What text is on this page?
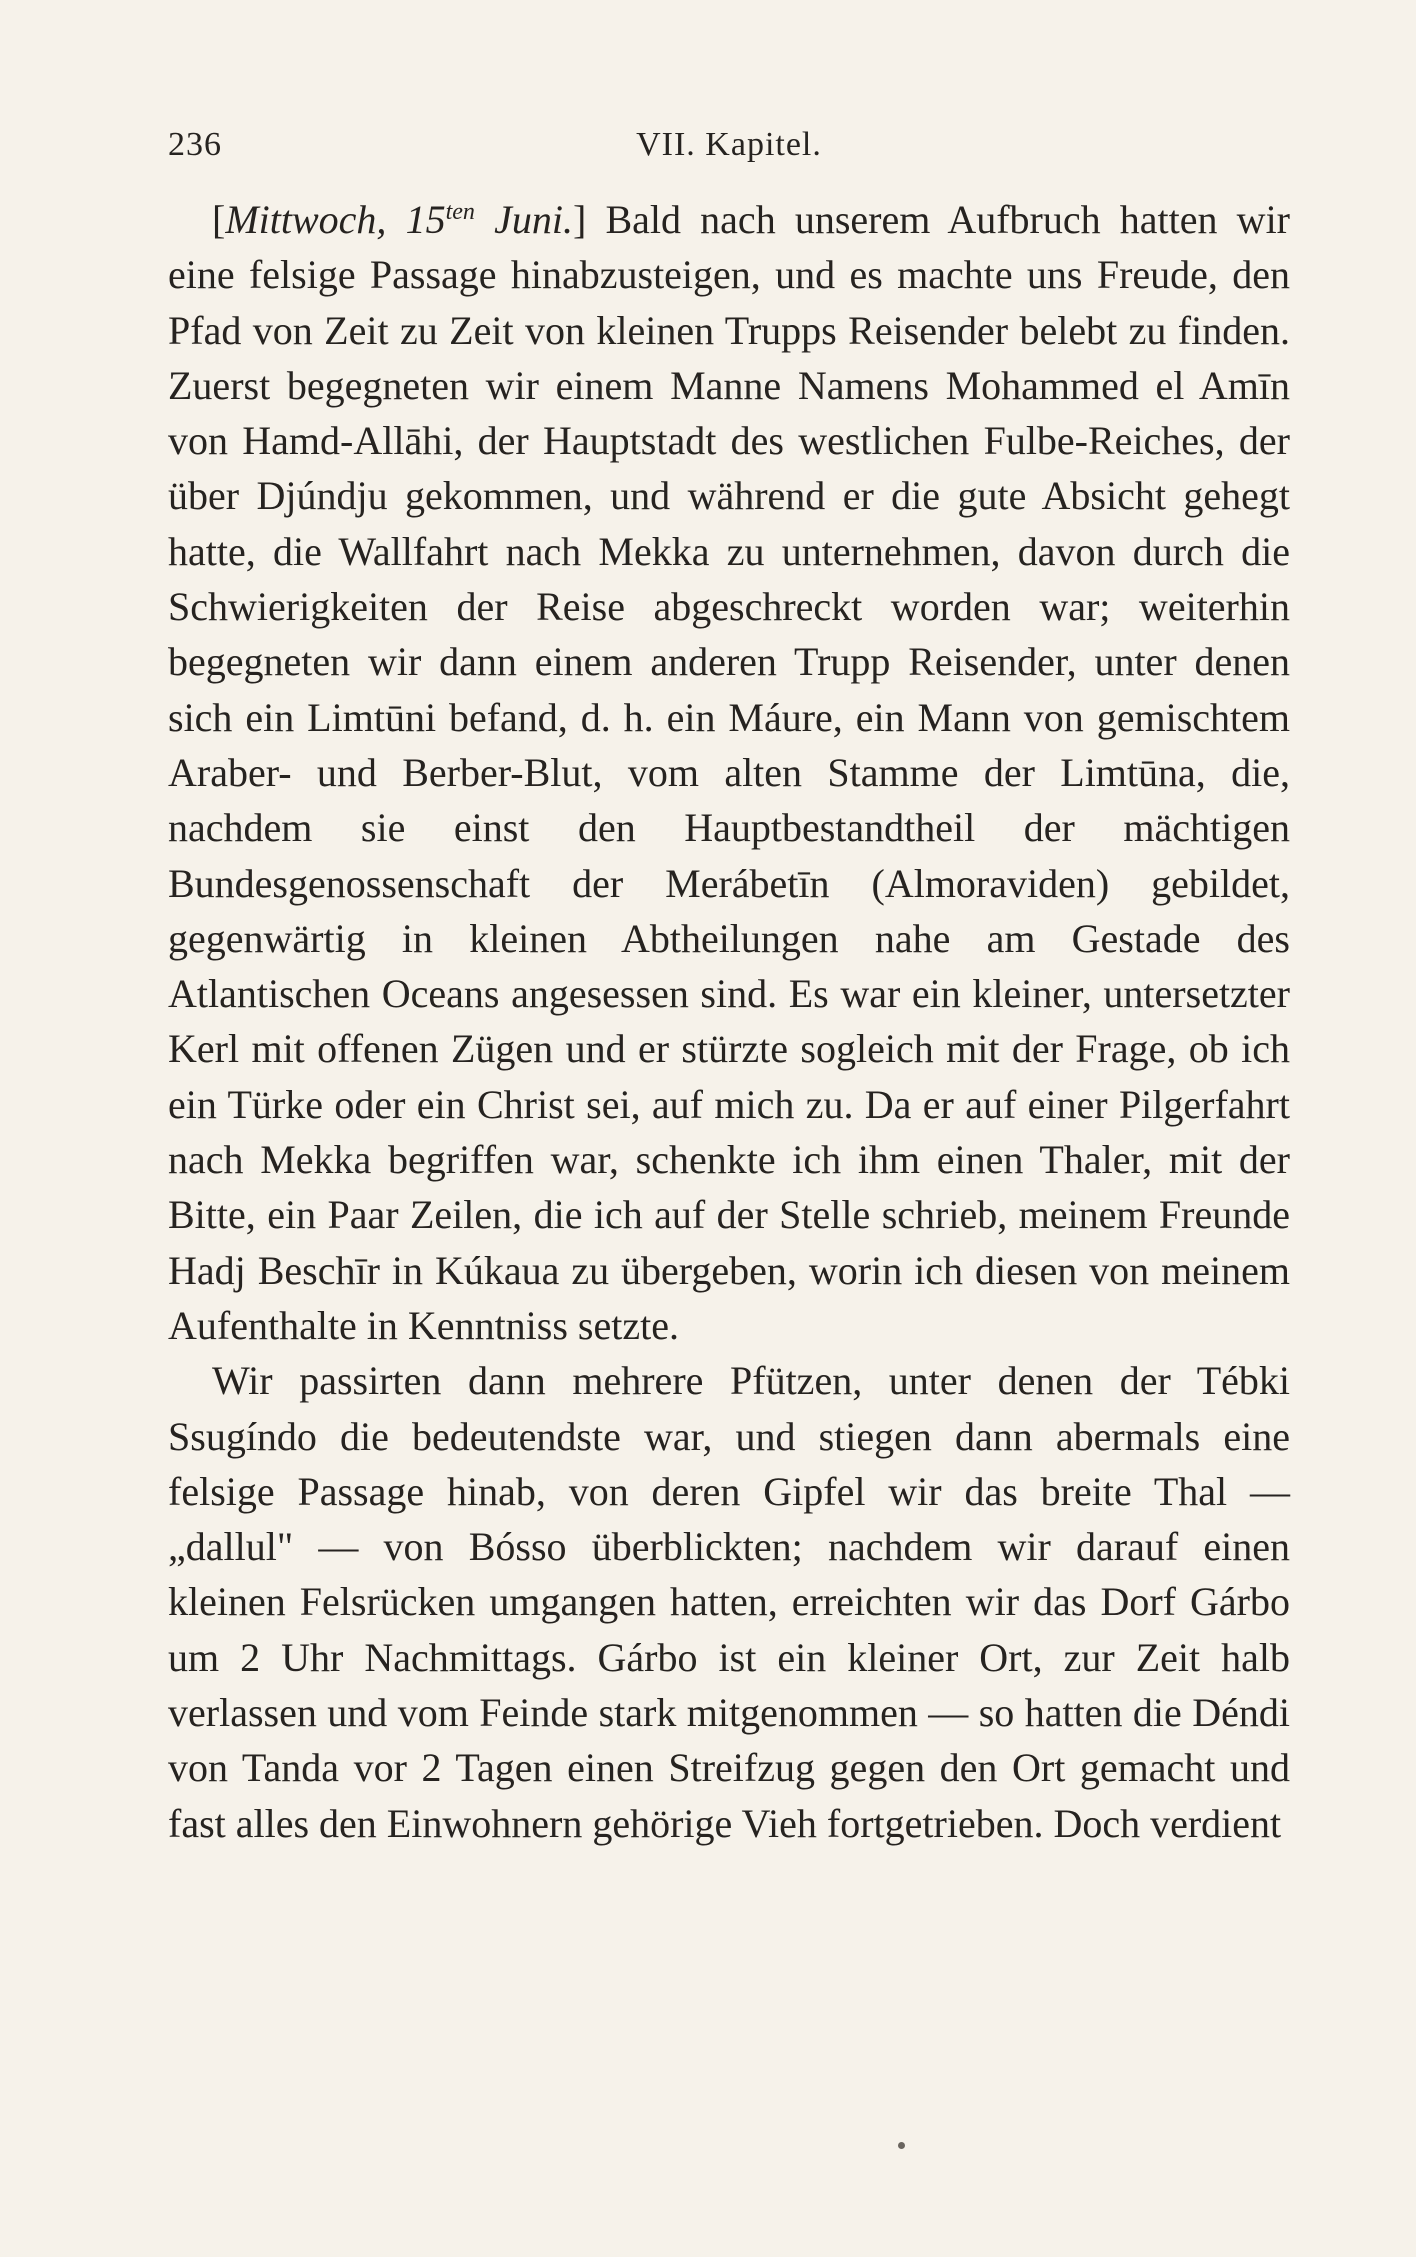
236	VII. Kapitel.

[Mittwoch, $15^{ten}$ Juni.] Bald nach unserem Aufbruch hatten wir eine felsige Passage hinabzusteigen, und es machte uns Freude, den Pfad von Zeit zu Zeit von kleinen Trupps Reisender belebt zu finden. Zuerst begegneten wir einem Manne Namens Mohammed el Amīn von Hamd-Allāhi, der Hauptstadt des westlichen Fulbe-Reiches, der über Djúndju gekommen, und während er die gute Absicht gehegt hatte, die Wallfahrt nach Mekka zu unternehmen, davon durch die Schwierigkeiten der Reise abgeschreckt worden war; weiterhin begegneten wir dann einem anderen Trupp Reisender, unter denen sich ein Limtūni befand, d. h. ein Máure, ein Mann von gemischtem Araber- und Berber-Blut, vom alten Stamme der Limtūna, die, nachdem sie einst den Hauptbestandtheil der mächtigen Bundesgenossenschaft der Merábetīn (Almoraviden) gebildet, gegenwärtig in kleinen Abtheilungen nahe am Gestade des Atlantischen Oceans angesessen sind. Es war ein kleiner, untersetzter Kerl mit offenen Zügen und er stürzte sogleich mit der Frage, ob ich ein Türke oder ein Christ sei, auf mich zu. Da er auf einer Pilgerfahrt nach Mekka begriffen war, schenkte ich ihm einen Thaler, mit der Bitte, ein Paar Zeilen, die ich auf der Stelle schrieb, meinem Freunde Hadj Beschīr in Kúkaua zu übergeben, worin ich diesen von meinem Aufenthalte in Kenntniss setzte.

Wir passirten dann mehrere Pfützen, unter denen der Tébki Ssugíndo die bedeutendste war, und stiegen dann abermals eine felsige Passage hinab, von deren Gipfel wir das breite Thal — „dallul" — von Bósso überblickten; nachdem wir darauf einen kleinen Felsrücken umgangen hatten, erreichten wir das Dorf Gárbo um 2 Uhr Nachmittags. Gárbo ist ein kleiner Ort, zur Zeit halb verlassen und vom Feinde stark mitgenommen — so hatten die Déndi von Tanda vor 2 Tagen einen Streifzug gegen den Ort gemacht und fast alles den Einwohnern gehörige Vieh fortgetrieben. Doch verdient
